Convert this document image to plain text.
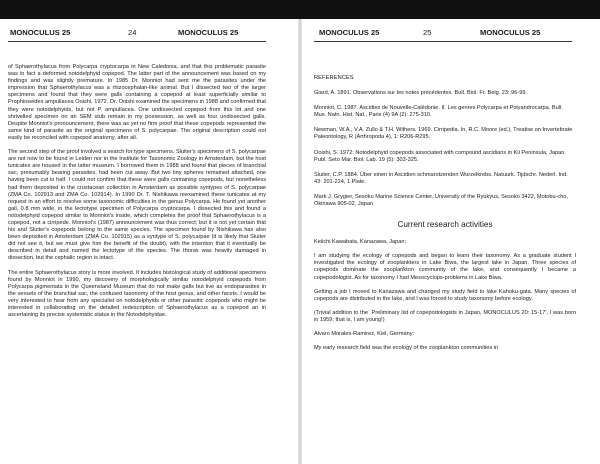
MONOCULUS 25	24	MONOCULUS 25

of Sphaerothylacus from Polycarpa cryptocarpa in New Caledonia, and that this problematic parasite was in fact a deformed notodelphyid copepod. The latter part of the announcement was based on my findings and was slightly premature. In 1985 Dr. Monniot had sent me the parasites under the impression that Sphaerothylacus was a rhizocephalan-like animal. But I dissected two of the larger specimens and found that they were galls containing a copepod at least superficially similar to Prophioseides ampullacea Ooishi, 1972. Dr. Ooishi examined the specimens in 1988 and confirmed that they were notodelphyids, but not P. ampullacea. One undissected copepod from this lot and one shrivelled specimen on an SEM stub remain in my possession, as well as four undissected galls. Despite Monniot's pronouncement, there was as yet no firm proof that these copepods represented the same kind of parasite as the original specimens of S. polycarpae. The original description could not easily be reconciled with copepod anatomy, after all.

The second step of the proof involved a search for type specimens. Sluiter's specimens of S. polycarpae are not now to be found in Leiden nor in the Institute for Taxonomic Zoology in Amsterdam, but the host tunicates are housed in the latter museum. I borrowed them in 1988 and found that pieces of branchial sac, presumably bearing parasites, had been cut away. But two tiny spheres remained attached, one having been cut in half. I could not confirm that these were galls containing copepods, but nonetheless had them deposited in the crustacean collection in Amsterdam as possible syntypes of S. polycarpae (ZMA Co. 102913 and ZMA Co. 102914). In 1990 Dr. T. Nishikawa reexamined these tunicates at my request in an effort to resolve some taxonomic difficulties in the genus Polycarpa. He found yet another gall, 0.8 mm wide, in the lectotype specimen of Polycarpa cryptocarpa. I dissected this and found a notodelphyid copepod similar to Monniot's inside, which completes the proof that Sphaerothylacus is a copepod, not a cirripede. Monniot's (1987) announcement was thus correct; but it is not yet certain that his and Sluiter's copepods belong to the same species. The specimen found by Nishikawa has also been deposited in Amsterdam (ZMA Co. 102915) as a syntype of S. polycarpae (it is likely that Sluiter did not see it, but we must give him the benefit of the doubt), with the intention that it eventually be described in detail and named the lectotype of the species. The thorax was heavily damaged in dissection, but the cephalic region is intact.

The entire Sphaerothylacus story is more involved. It includes histological study of additional specimens found by Monniot in 1990, my discovery of morphologically similar notodelphyid copepods from Polycarpa pigmentata in the Queensland Museum that do not make galls but live as endoparasites in the vessels of the branchial sac, the confused taxonomy of the host genus, and other facets. I would be very interested to hear from any specialist on notodelphyids or other parasitic copepods who might be interested in collaborating on the detailed redescription of Sphaerothylacus as a copepod an in ascertaining its precise systematic status in the Notodelphyidae.

MONOCULUS 25	25	MONOCULUS 25
REFERENCES

Giard, A. 1891. Observations sur les notes précédentes. Bull. Biol. Fr. Belg. 23: 96-99.

Monniot, C. 1987. Ascidies de Nouvelle-Calédonie. II. Les genres Polycarpa et Polyandrocarpa. Bull. Mus. Natn. Hist. Nat., Paris (4) 9A (2): 275-310.

Newman, W.A., V.A. Zullo & T.H. Withers. 1969. Cirripedia. In, R.C. Moore (ed.), Treatise on Invertebrate Paleontology, R (Arthropoda 4), 1: R206-R295.

Ooishi, S. 1972: Notodelphyid copepods associated with compound ascidians in Kii Peninsula, Japan. Publ. Seto Mar. Biol. Lab. 19 (5): 303-325.

Sluiter, C.P. 1884. Über einen in Ascidien schmarotzenden Wurzelkrebs. Natuurk. Tijdschr. Nederl. Ind. 43: 201-224, 1 Plate.

Mark J. Grygier, Sesoko Marine Science Center, University of the Ryukyus, Sesoko 3422, Motobu-cho, Okinawa 905-02, Japan

Current research activities

Keiichi Kawabata, Kanazawa, Japan:

I am studying the ecology of copepods and began to learn their taxonomy. As a graduate student I investigated the ecology of zooplankters in Lake Biwa, the largest lake in Japan. Three species of copepods dominate the zooplankton community of the lake, and consequently I became a copepodologist. As for taxonomy I had Mesocyclops-problems in Lake Biwa.

Getting a job I moved to Kanazawa and changed my study field to lake Kahoku-gata. Many species of copepods are distributed in the lake, and I was forced to study taxonomy before ecology.

(Trivial addition to the `Preliminary list of copepodologists in Japan, MONOCULUS 20: 15-17', I was born in 1959; that is, I am young!)

Alvaro Morales-Ramirez, Kiel, Germany:

My early research field was the ecology of the zooplankton communities in
